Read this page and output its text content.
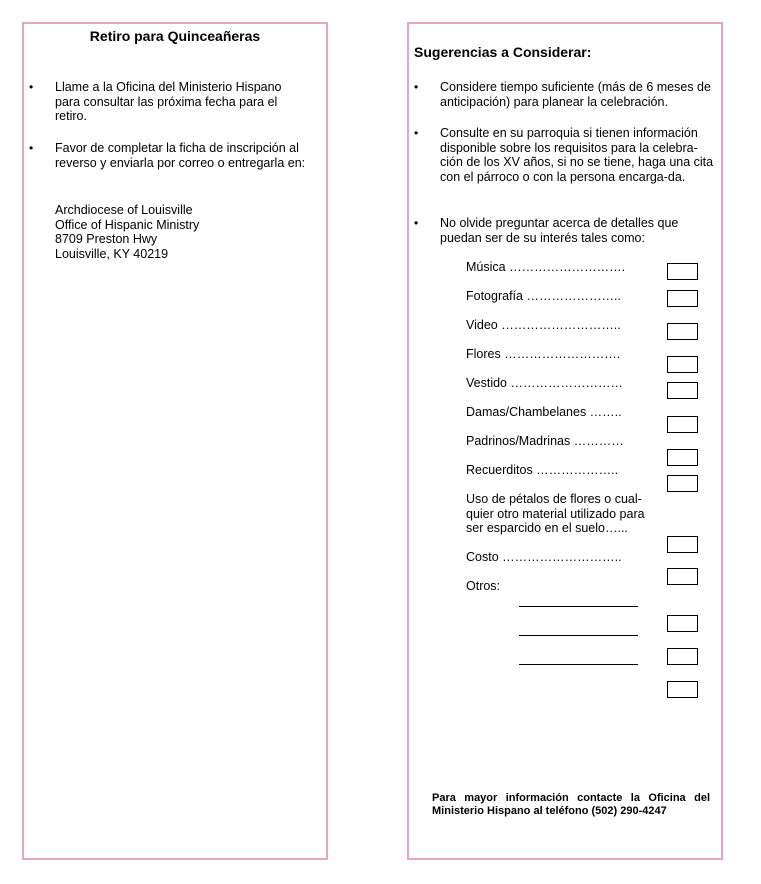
Retiro para Quinceañeras
• Llame a la Oficina del Ministerio Hispano para consultar las próxima fecha para el retiro.
• Favor de completar la ficha de inscripción al reverso y enviarla por correo o entregarla en:
Archdiocese of Louisville
Office of Hispanic Ministry
8709 Preston Hwy
Louisville, KY 40219
Sugerencias a Considerar:
• Considere tiempo suficiente (más de 6 meses de anticipación) para planear la celebración.
• Consulte en su parroquia si tienen información disponible sobre los requisitos para la celebra-ción de los XV años, si no se tiene, haga una cita con el párroco o con la persona encarga-da.
• No olvide preguntar acerca de detalles que puedan ser de su interés tales como:
Música ……………………….
Fotografía …………………..
Video ………………………..
Flores ……………………….
Vestido ………………………
Damas/Chambelanes ……..
Padrinos/Madrinas …………
Recuerditos ………………..
Uso de pétalos de flores o cual-quier otro material utilizado para ser esparcido en el suelo…...
Costo ………………………..
Otros:
Para mayor información contacte la Oficina del Ministerio Hispano al teléfono (502) 290-4247
